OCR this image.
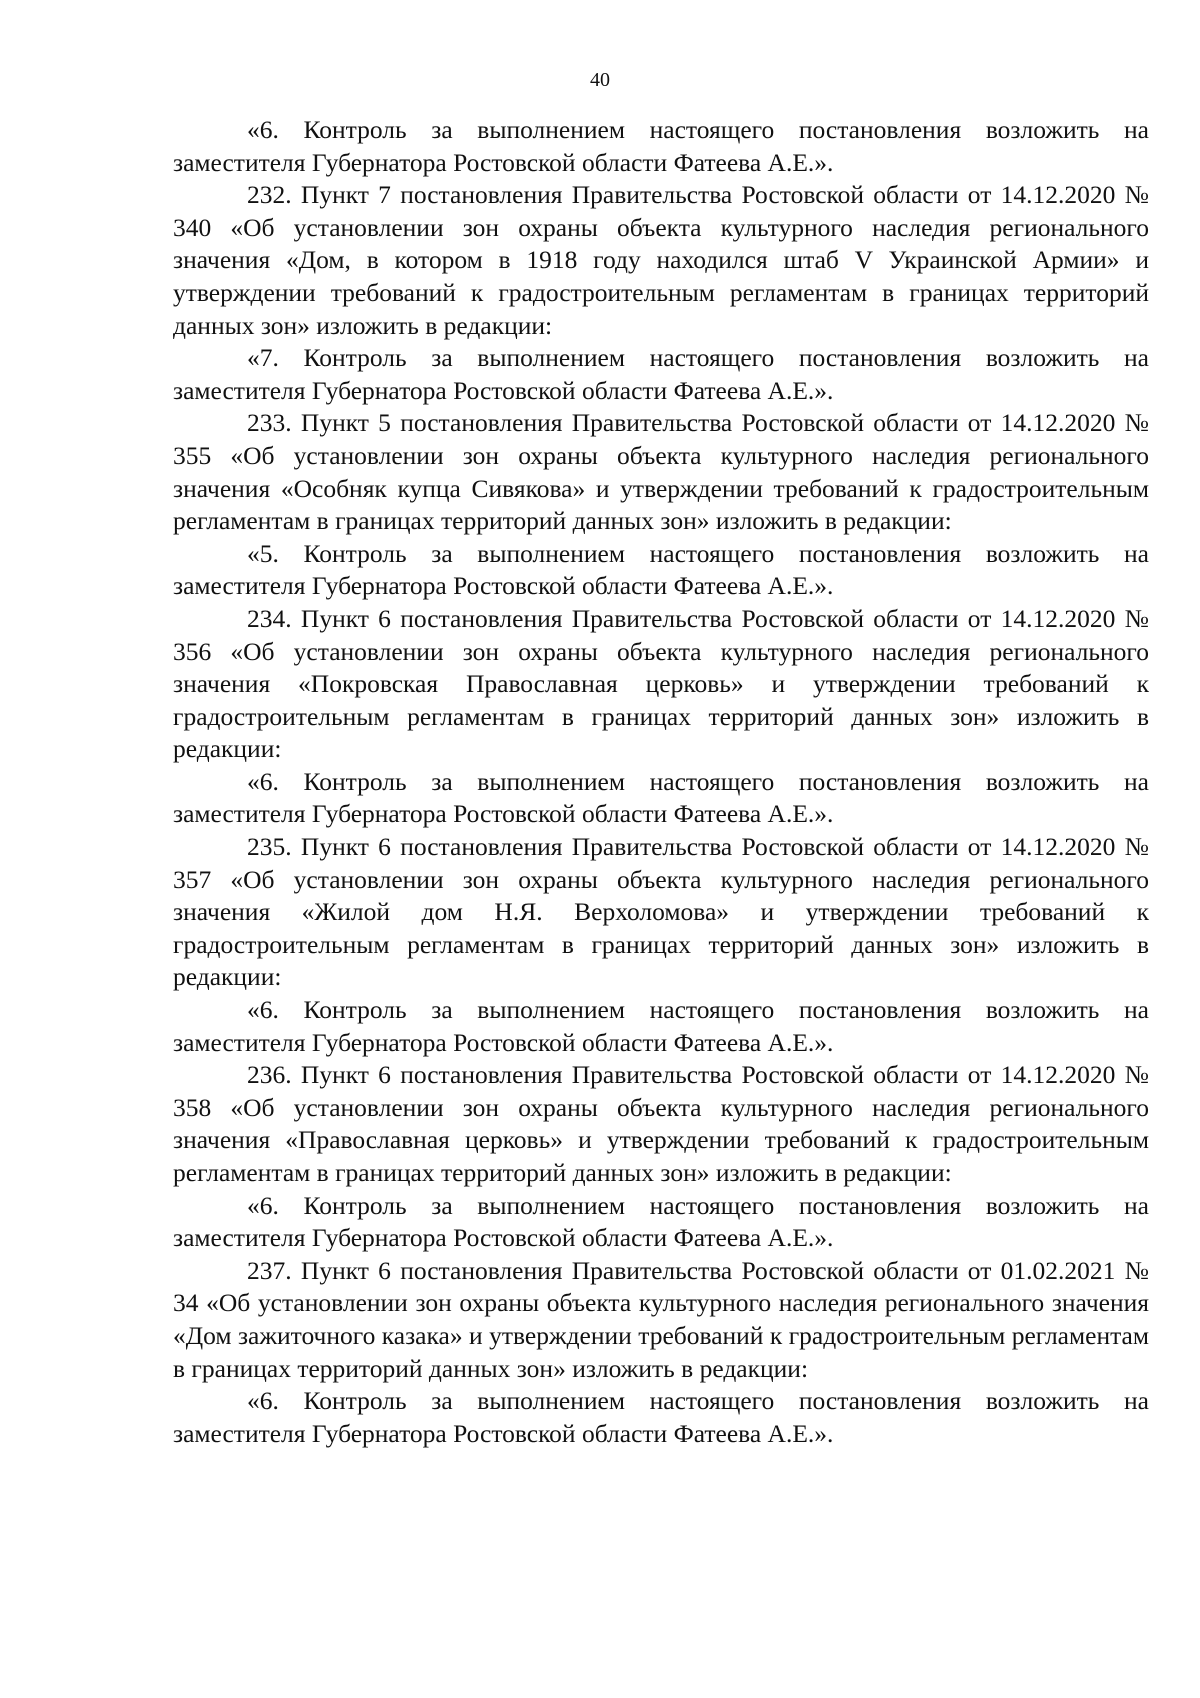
40

«6. Контроль за выполнением настоящего постановления возложить на заместителя Губернатора Ростовской области Фатеева А.Е.».

232. Пункт 7 постановления Правительства Ростовской области от 14.12.2020 № 340 «Об установлении зон охраны объекта культурного наследия регионального значения «Дом, в котором в 1918 году находился штаб V Украинской Армии» и утверждении требований к градостроительным регламентам в границах территорий данных зон» изложить в редакции:

«7. Контроль за выполнением настоящего постановления возложить на заместителя Губернатора Ростовской области Фатеева А.Е.».

233. Пункт 5 постановления Правительства Ростовской области от 14.12.2020 № 355 «Об установлении зон охраны объекта культурного наследия регионального значения «Особняк купца Сивякова» и утверждении требований к градостроительным регламентам в границах территорий данных зон» изложить в редакции:

«5. Контроль за выполнением настоящего постановления возложить на заместителя Губернатора Ростовской области Фатеева А.Е.».

234. Пункт 6 постановления Правительства Ростовской области от 14.12.2020 № 356 «Об установлении зон охраны объекта культурного наследия регионального значения «Покровская Православная церковь» и утверждении требований к градостроительным регламентам в границах территорий данных зон» изложить в редакции:

«6. Контроль за выполнением настоящего постановления возложить на заместителя Губернатора Ростовской области Фатеева А.Е.».

235. Пункт 6 постановления Правительства Ростовской области от 14.12.2020 № 357 «Об установлении зон охраны объекта культурного наследия регионального значения «Жилой дом Н.Я. Верхоломова» и утверждении требований к градостроительным регламентам в границах территорий данных зон» изложить в редакции:

«6. Контроль за выполнением настоящего постановления возложить на заместителя Губернатора Ростовской области Фатеева А.Е.».

236. Пункт 6 постановления Правительства Ростовской области от 14.12.2020 № 358 «Об установлении зон охраны объекта культурного наследия регионального значения «Православная церковь» и утверждении требований к градостроительным регламентам в границах территорий данных зон» изложить в редакции:

«6. Контроль за выполнением настоящего постановления возложить на заместителя Губернатора Ростовской области Фатеева А.Е.».

237. Пункт 6 постановления Правительства Ростовской области от 01.02.2021 № 34 «Об установлении зон охраны объекта культурного наследия регионального значения «Дом зажиточного казака» и утверждении требований к градостроительным регламентам в границах территорий данных зон» изложить в редакции:

«6. Контроль за выполнением настоящего постановления возложить на заместителя Губернатора Ростовской области Фатеева А.Е.».
